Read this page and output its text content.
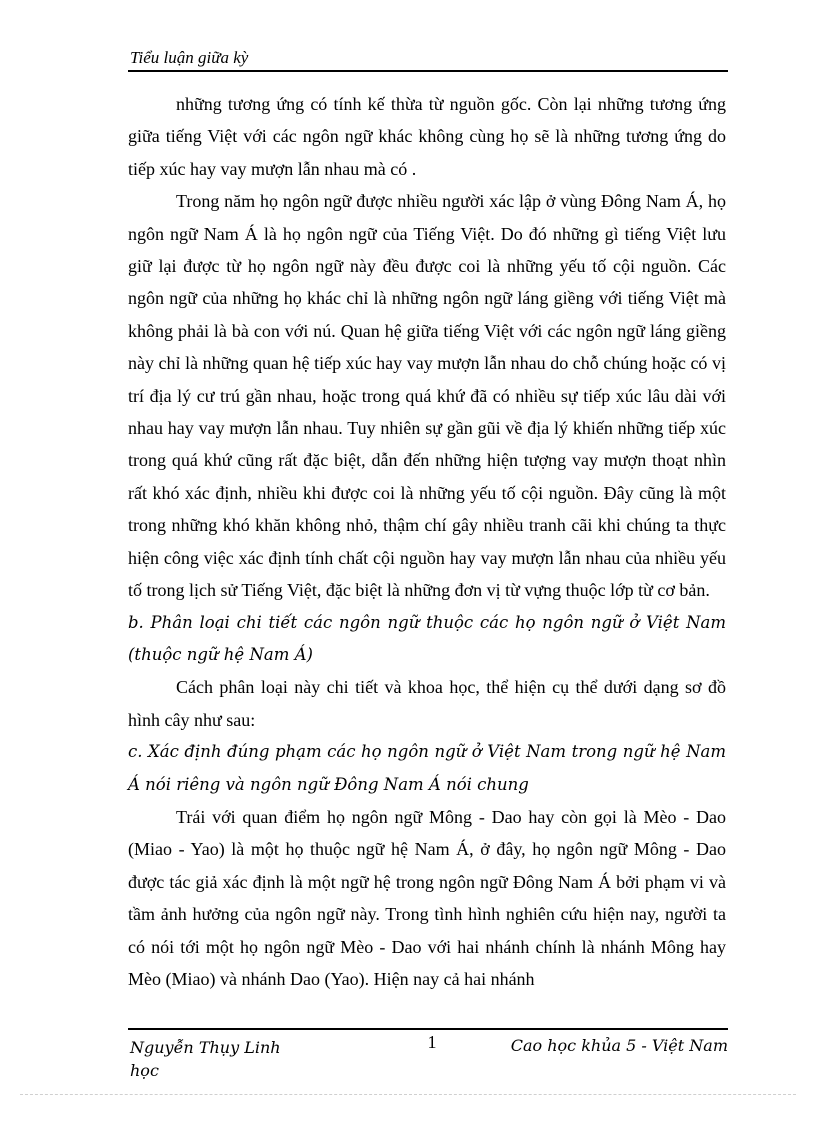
Tiểu luận giữa kỳ

những tương ứng có tính kế thừa từ nguồn gốc. Còn lại những tương ứng giữa tiếng Việt với các ngôn ngữ khác không cùng họ sẽ là những tương ứng do tiếp xúc hay vay mượn lẫn nhau mà có .

Trong năm họ ngôn ngữ được nhiều người xác lập ở vùng Đông Nam Á, họ ngôn ngữ Nam Á là họ ngôn ngữ của Tiếng Việt. Do đó những gì tiếng Việt lưu giữ lại được từ họ ngôn ngữ này đều được coi là những yếu tố cội nguồn. Các ngôn ngữ của những họ khác chỉ là những ngôn ngữ láng giềng với tiếng Việt mà không phải là bà con với nú. Quan hệ giữa tiếng Việt với các ngôn ngữ láng giềng này chỉ là những quan hệ tiếp xúc hay vay mượn lẫn nhau do chỗ chúng hoặc có vị trí địa lý cư trú gần nhau, hoặc trong quá khứ đã có nhiều sự tiếp xúc lâu dài với nhau hay vay mượn lẫn nhau. Tuy nhiên sự gần gũi về địa lý khiến những tiếp xúc trong quá khứ cũng rất đặc biệt, dẫn đến những hiện tượng vay mượn thoạt nhìn rất khó xác định, nhiều khi được coi là những yếu tố cội nguồn. Đây cũng là một trong những khó khăn không nhỏ, thậm chí gây nhiều tranh cãi khi chúng ta thực hiện công việc xác định tính chất cội nguồn hay vay mượn lẫn nhau của nhiều yếu tố trong lịch sử Tiếng Việt, đặc biệt là những đơn vị từ vựng thuộc lớp từ cơ bản.

b. Phân loại chi tiết các ngôn ngữ thuộc các họ ngôn ngữ ở Việt Nam (thuộc ngữ hệ Nam Á)

Cách phân loại này chi tiết và khoa học, thể hiện cụ thể dưới dạng sơ đồ hình cây như sau:

c. Xác định đúng phạm các họ ngôn ngữ ở Việt Nam trong ngữ hệ Nam Á nói riêng và ngôn ngữ Đông Nam Á nói chung

Trái với quan điểm họ ngôn ngữ Mông - Dao hay còn gọi là Mèo - Dao (Miao - Yao) là một họ thuộc ngữ hệ Nam Á, ở đây, họ ngôn ngữ Mông - Dao được tác giả xác định là một ngữ hệ trong ngôn ngữ Đông Nam Á bởi phạm vi và tầm ảnh hưởng của ngôn ngữ này. Trong tình hình nghiên cứu hiện nay, người ta có nói tới một họ ngôn ngữ Mèo - Dao với hai nhánh chính là nhánh Mông hay Mèo (Miao) và nhánh Dao (Yao). Hiện nay cả hai nhánh

Nguyễn Thụy Linh
học
1	Cao học khủa 5 - Việt Nam
